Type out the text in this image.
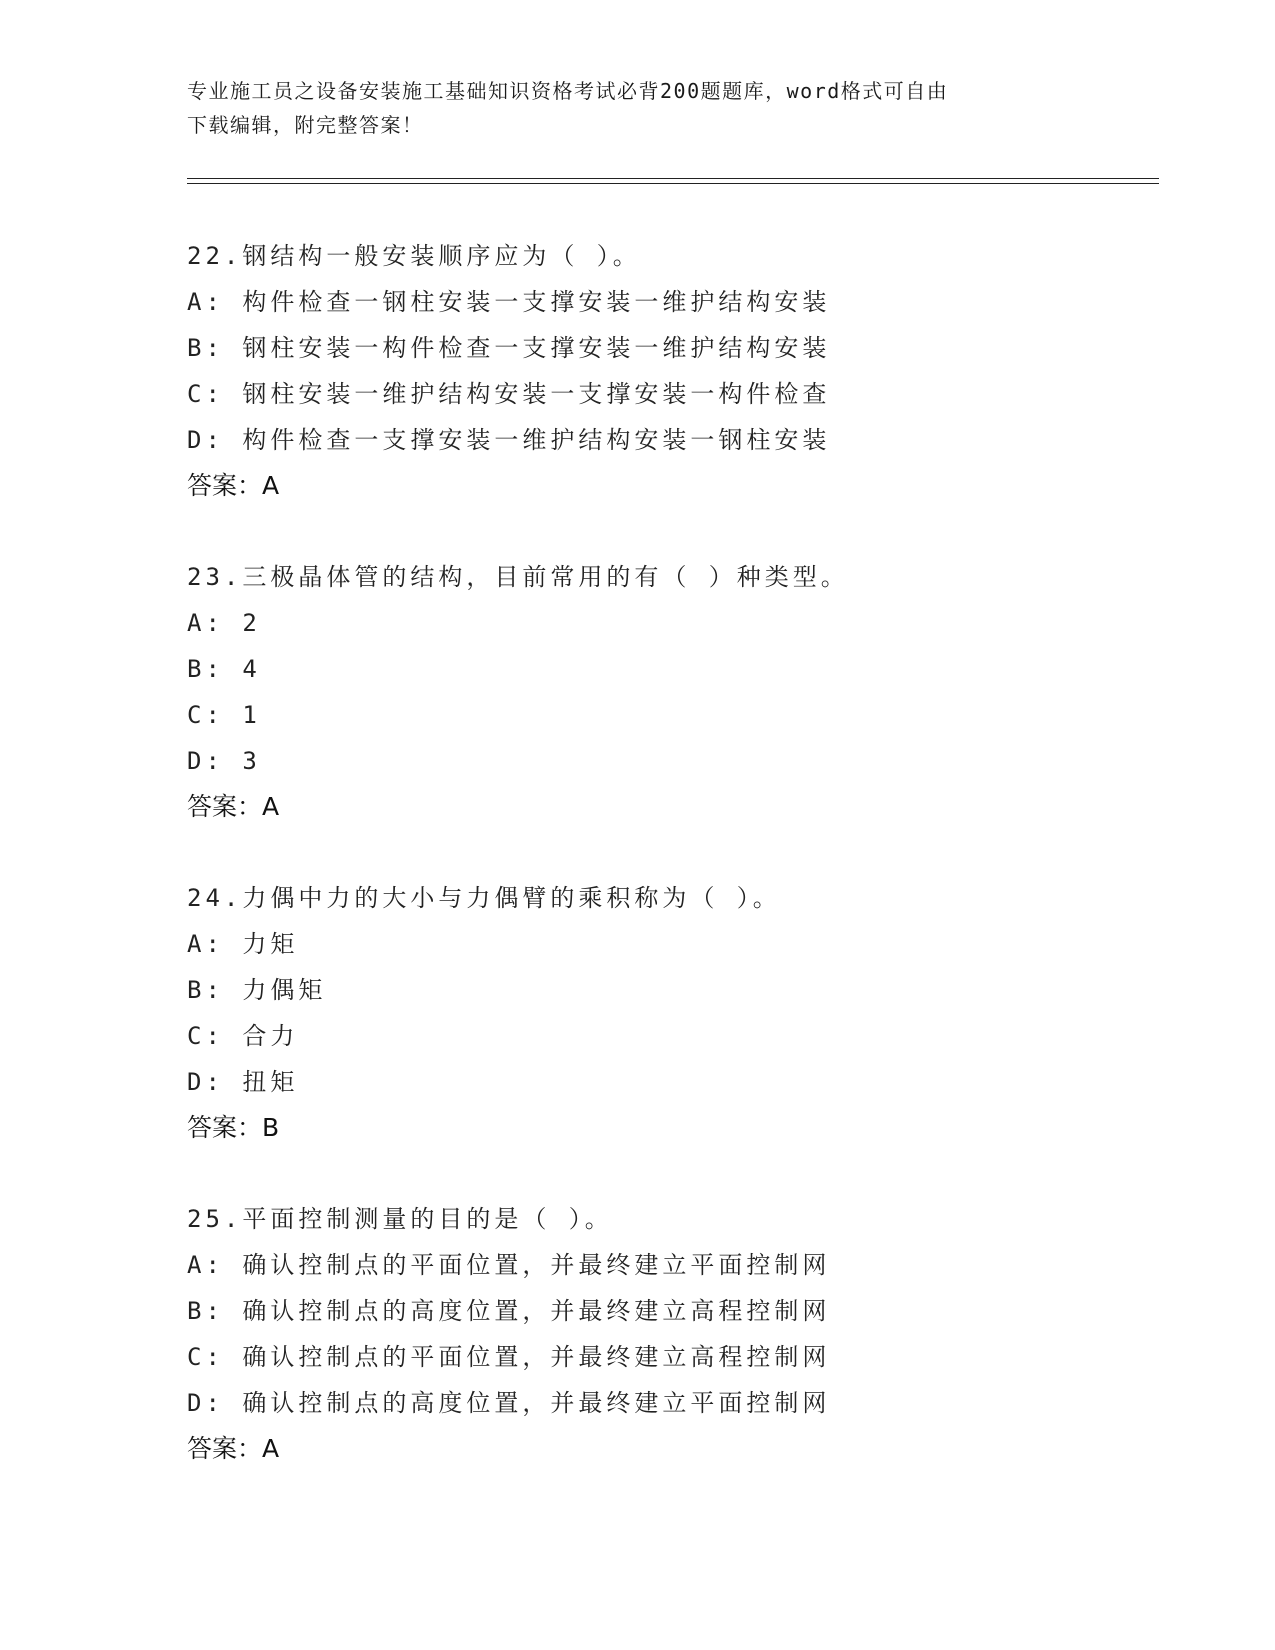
专业施工员之设备安装施工基础知识资格考试必背200题题库，word格式可自由
下载编辑，附完整答案！
22.钢结构一般安装顺序应为（ ）。
A: 构件检查一钢柱安装一支撑安装一维护结构安装
B: 钢柱安装一构件检查一支撑安装一维护结构安装
C: 钢柱安装一维护结构安装一支撑安装一构件检查
D: 构件检查一支撑安装一维护结构安装一钢柱安装
答案：A
23.三极晶体管的结构，目前常用的有（ ）种类型。
A: 2
B: 4
C: 1
D: 3
答案：A
24.力偶中力的大小与力偶臂的乘积称为（ ）。
A: 力矩
B: 力偶矩
C: 合力
D: 扭矩
答案：B
25.平面控制测量的目的是（ ）。
A: 确认控制点的平面位置，并最终建立平面控制网
B: 确认控制点的高度位置，并最终建立高程控制网
C: 确认控制点的平面位置，并最终建立高程控制网
D: 确认控制点的高度位置，并最终建立平面控制网
答案：A
